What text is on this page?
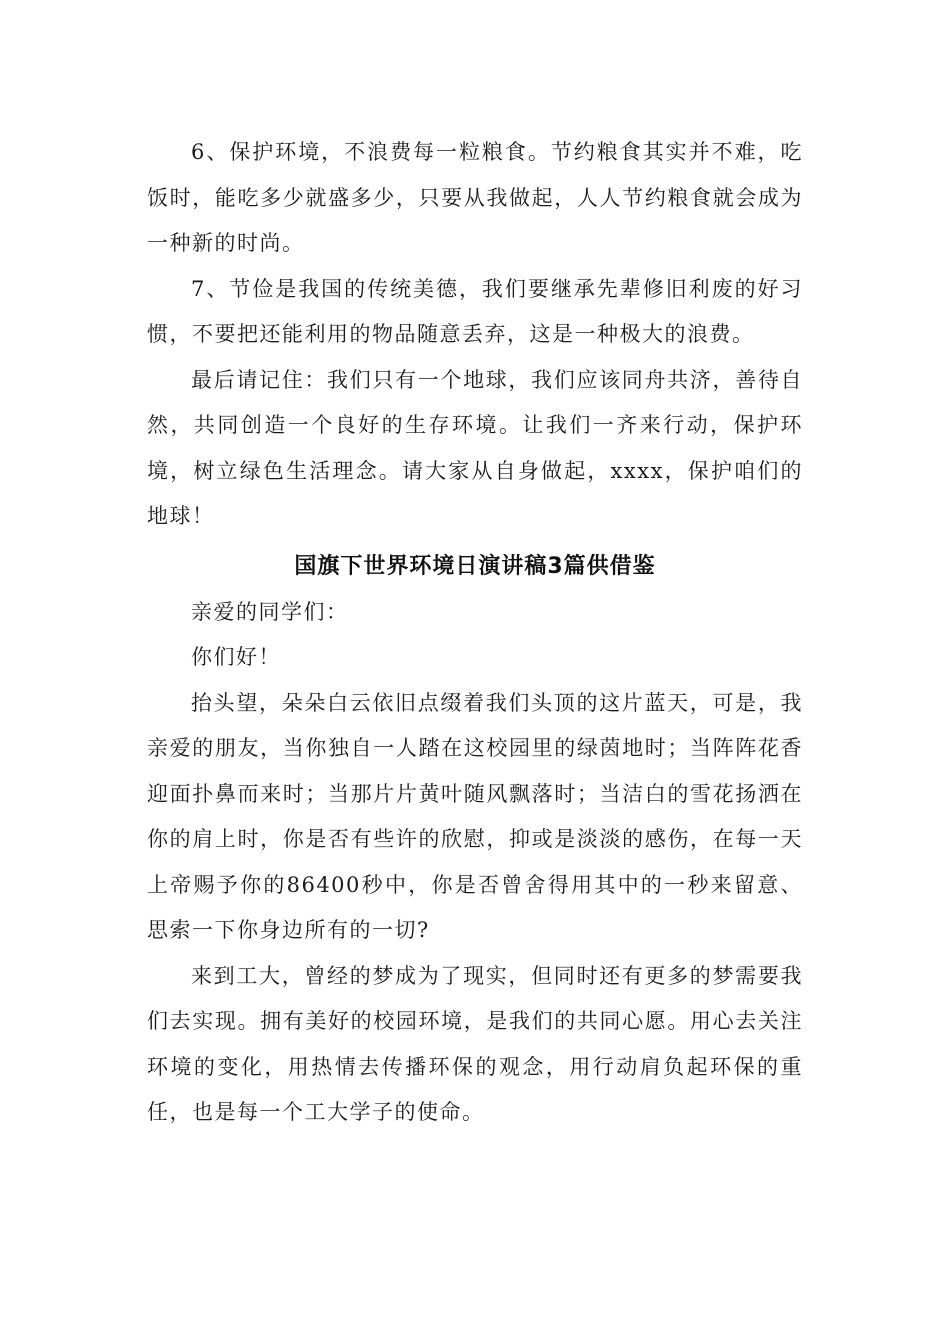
6、保护环境，不浪费每一粒粮食。节约粮食其实并不难，吃饭时，能吃多少就盛多少，只要从我做起，人人节约粮食就会成为一种新的时尚。

7、节俭是我国的传统美德，我们要继承先辈修旧利废的好习惯，不要把还能利用的物品随意丢弃，这是一种极大的浪费。

最后请记住：我们只有一个地球，我们应该同舟共济，善待自然，共同创造一个良好的生存环境。让我们一齐来行动，保护环境，树立绿色生活理念。请大家从自身做起，xxxx，保护咱们的地球！

国旗下世界环境日演讲稿3篇供借鉴

亲爱的同学们：

你们好！

抬头望，朵朵白云依旧点缀着我们头顶的这片蓝天，可是，我亲爱的朋友，当你独自一人踏在这校园里的绿茵地时；当阵阵花香迎面扑鼻而来时；当那片片黄叶随风飘落时；当洁白的雪花扬洒在你的肩上时，你是否有些许的欣慰，抑或是淡淡的感伤，在每一天上帝赐予你的86400秒中，你是否曾舍得用其中的一秒来留意、思索一下你身边所有的一切?

来到工大，曾经的梦成为了现实，但同时还有更多的梦需要我们去实现。拥有美好的校园环境，是我们的共同心愿。用心去关注环境的变化，用热情去传播环保的观念，用行动肩负起环保的重任，也是每一个工大学子的使命。
